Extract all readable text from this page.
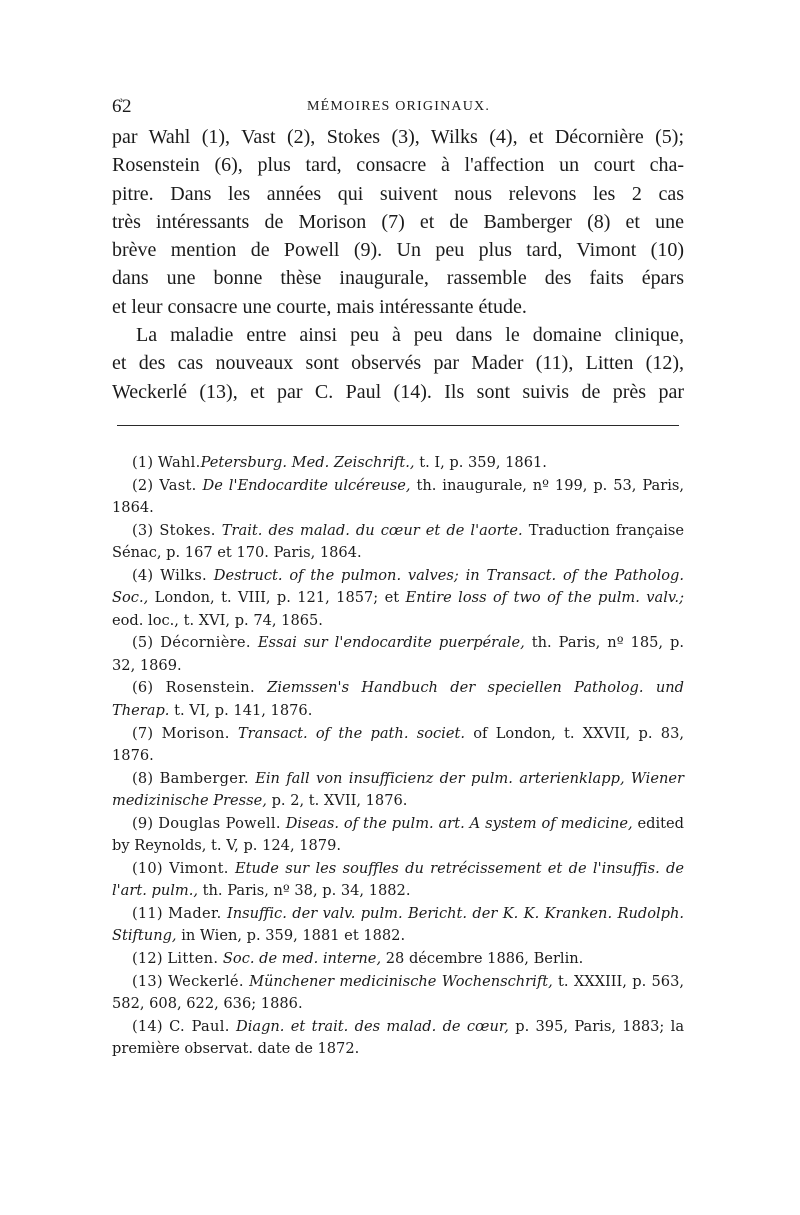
6͗2	MÉMOIRES ORIGINAUX.
par Wahl (1), Vast (2), Stokes (3), Wilks (4), et Décornière (5);
Rosenstein (6), plus tard, consacre à l'affection un court cha-
pitre. Dans les années qui suivent nous relevons les 2 cas
très intéressants de Morison (7) et de Bamberger (8) et une
brève mention de Powell (9). Un peu plus tard, Vimont (10)
dans une bonne thèse inaugurale, rassemble des faits épars
et leur consacre une courte, mais intéressante étude.
La maladie entre ainsi peu à peu dans le domaine clinique,
et des cas nouveaux sont observés par Mader (11), Litten (12),
Weckerlé (13), et par C. Paul (14). Ils sont suivis de près par

(1) Wahl.Petersburg. Med. Zeischrift., t. I, p. 359, 1861.

(2) Vast. De l'Endocardite ulcéreuse, th. inaugurale, nº 199, p. 53, Paris, 1864.

(3) Stokes. Trait. des malad. du cœur et de l'aorte. Traduction française Sénac, p. 167 et 170. Paris, 1864.

(4) Wilks. Destruct. of the pulmon. valves; in Transact. of the Patholog. Soc., London, t. VIII, p. 121, 1857; et Entire loss of two of the pulm. valv.; eod. loc., t. XVI, p. 74, 1865.

(5) Décornière. Essai sur l'endocardite puerpérale, th. Paris, nº 185, p. 32, 1869.

(6) Rosenstein. Ziemssen's Handbuch der speciellen Patholog. und Therap. t. VI, p. 141, 1876.

(7) Morison. Transact. of the path. societ. of London, t. XXVII, p. 83, 1876.

(8) Bamberger. Ein fall von insufficienz der pulm. arterienklapp, Wiener medizinische Presse, p. 2, t. XVII, 1876.

(9) Douglas Powell. Diseas. of the pulm. art. A system of medicine, edited by Reynolds, t. V, p. 124, 1879.

(10) Vimont. Etude sur les souffles du retrécissement et de l'insuffis. de l'art. pulm., th. Paris, nº 38, p. 34, 1882.

(11) Mader. Insuffic. der valv. pulm. Bericht. der K. K. Kranken. Rudolph. Stiftung, in Wien, p. 359, 1881 et 1882.

(12) Litten. Soc. de med. interne, 28 décembre 1886, Berlin.

(13) Weckerlé. Münchener medicinische Wochenschrift, t. XXXIII, p. 563, 582, 608, 622, 636; 1886.

(14) C. Paul. Diagn. et trait. des malad. de cœur, p. 395, Paris, 1883; la première observat. date de 1872.
